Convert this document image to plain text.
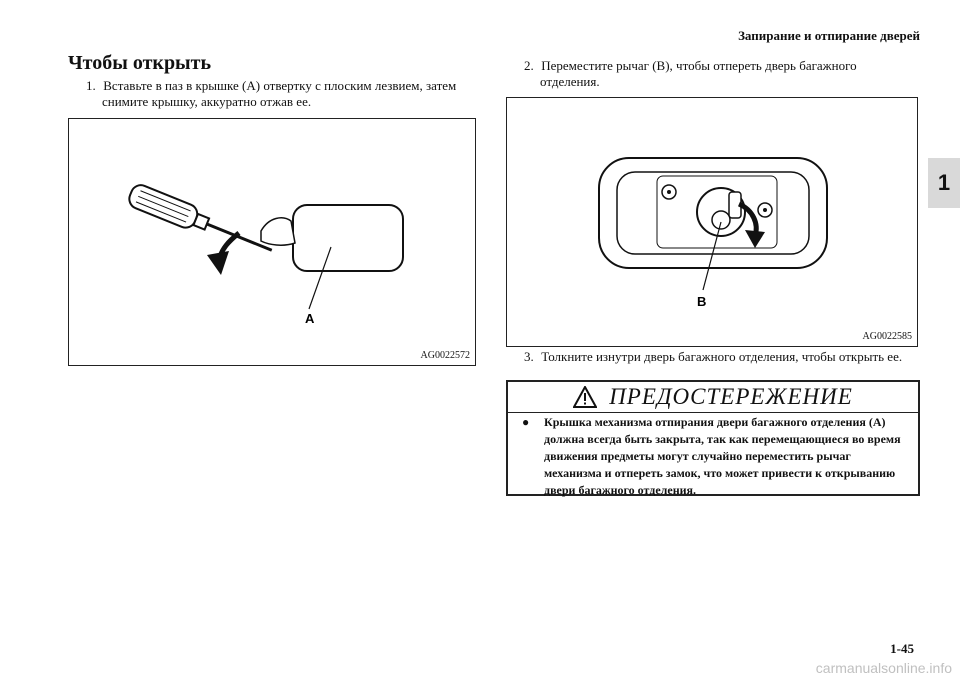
Запирание и отпирание дверей
1
Чтобы открыть
1. Вставьте в паз в крышке (A) отвертку с плоским лезвием, затем
снимите крышку, аккуратно отжав ее.
A
AG0022572
2. Переместите рычаг (B), чтобы отпереть дверь багажного
отделения.
B
AG0022585
3. Толкните изнутри дверь багажного отделения, чтобы открыть ее.
ПРЕДОСТЕРЕЖЕНИЕ
●	Крышка механизма отпирания двери багажного отделения (A) должна всегда быть закрыта, так как перемещающиеся во время движения предметы могут случайно переместить рычаг механизма и отпереть замок, что может привести к открыванию двери багажного отделения.
1-45
carmanualsonline.info
